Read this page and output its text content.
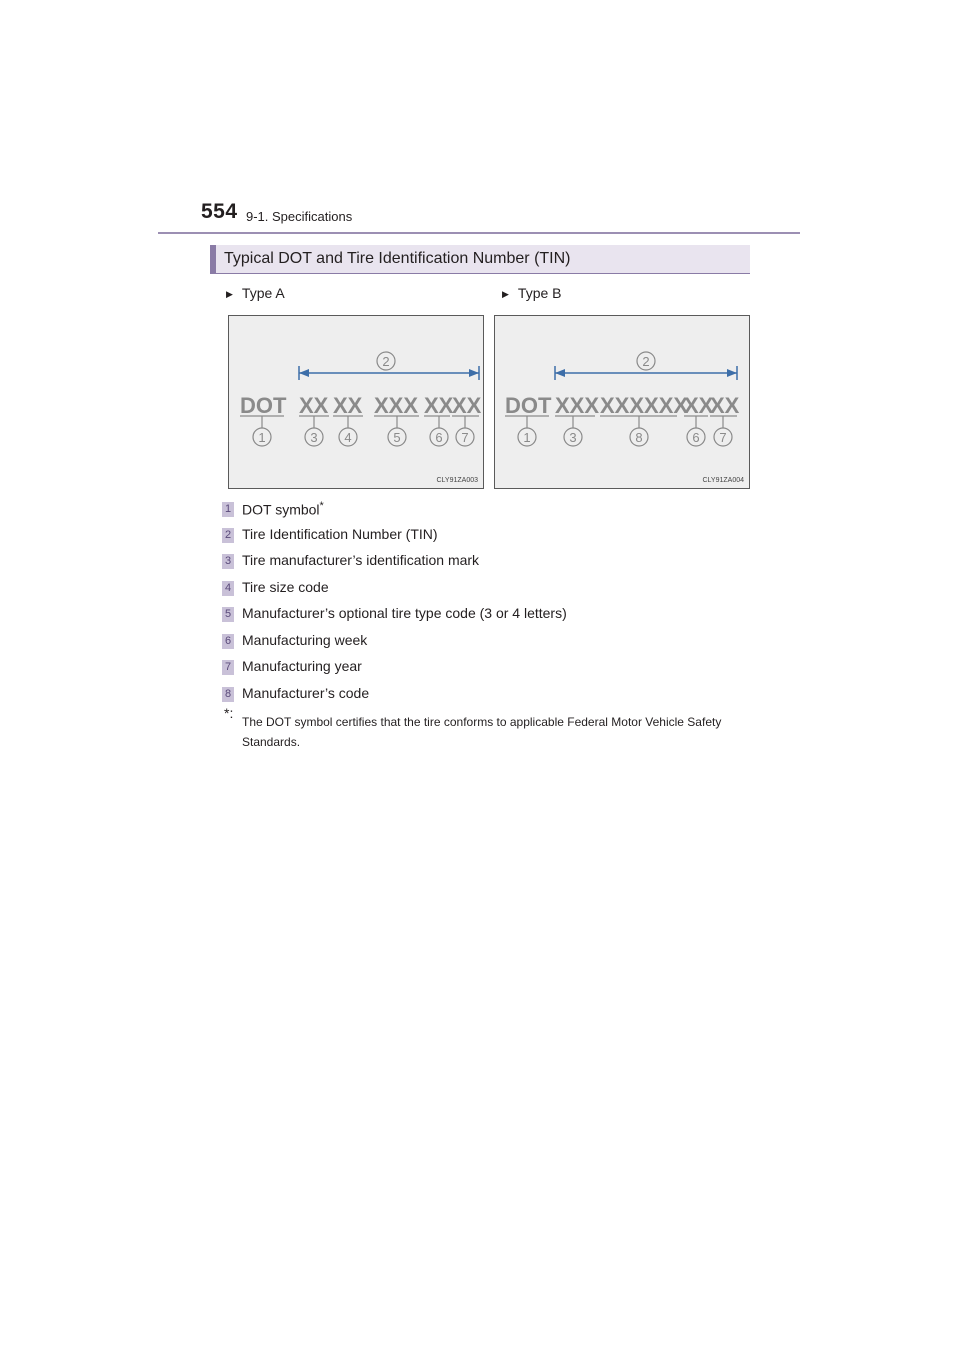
554 9-1. Specifications
Typical DOT and Tire Identification Number (TIN)
▶ Type A	▶ Type B
2
DOT XX XX XXX XX
XX
1	3 4	5	6 7
CLY91ZA003
2
DOT XXX XXXXXX
XX
XX
1	3	8	6 7
CLY91ZA004
1 DOT symbol*
2 Tire Identification Number (TIN)
3 Tire manufacturer’s identification mark
4 Tire size code
5 Manufacturer’s optional tire type code (3 or 4 letters)
6 Manufacturing week
7 Manufacturing year
8 Manufacturer’s code
*:
The DOT symbol certifies that the tire conforms to applicable Federal Motor Vehicle Safety Standards.
